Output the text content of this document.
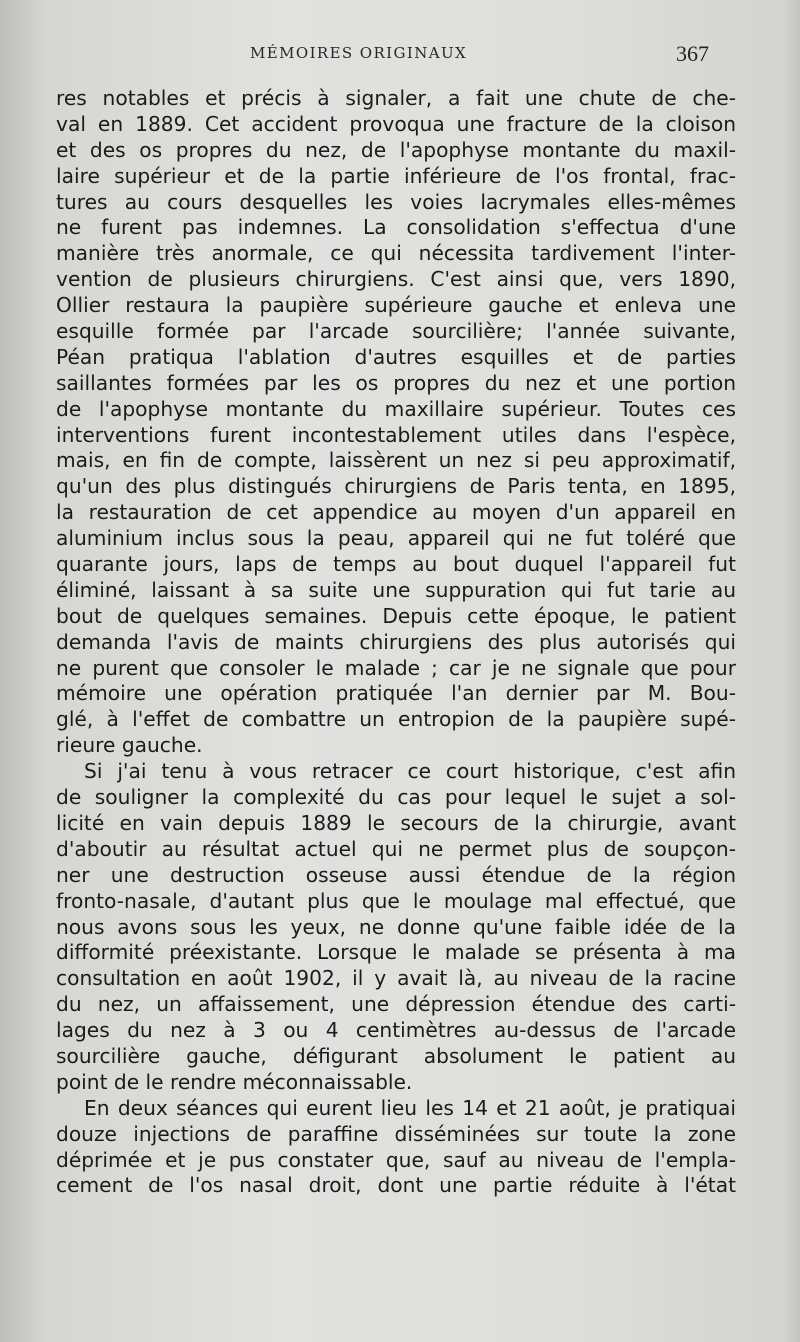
MÉMOIRES ORIGINAUX	367
res notables et précis à signaler, a fait une chute de che-
val en 1889. Cet accident provoqua une fracture de la cloison
et des os propres du nez, de l'apophyse montante du maxil-
laire supérieur et de la partie inférieure de l'os frontal, frac-
tures au cours desquelles les voies lacrymales elles-mêmes
ne furent pas indemnes. La consolidation s'effectua d'une
manière très anormale, ce qui nécessita tardivement l'inter-
vention de plusieurs chirurgiens. C'est ainsi que, vers 1890,
Ollier restaura la paupière supérieure gauche et enleva une
esquille formée par l'arcade sourcilière; l'année suivante,
Péan pratiqua l'ablation d'autres esquilles et de parties
saillantes formées par les os propres du nez et une portion
de l'apophyse montante du maxillaire supérieur. Toutes ces
interventions furent incontestablement utiles dans l'espèce,
mais, en fin de compte, laissèrent un nez si peu approximatif,
qu'un des plus distingués chirurgiens de Paris tenta, en 1895,
la restauration de cet appendice au moyen d'un appareil en
aluminium inclus sous la peau, appareil qui ne fut toléré que
quarante jours, laps de temps au bout duquel l'appareil fut
éliminé, laissant à sa suite une suppuration qui fut tarie au
bout de quelques semaines. Depuis cette époque, le patient
demanda l'avis de maints chirurgiens des plus autorisés qui
ne purent que consoler le malade ; car je ne signale que pour
mémoire une opération pratiquée l'an dernier par M. Bou-
glé, à l'effet de combattre un entropion de la paupière supé-
rieure gauche.
Si j'ai tenu à vous retracer ce court historique, c'est afin
de souligner la complexité du cas pour lequel le sujet a sol-
licité en vain depuis 1889 le secours de la chirurgie, avant
d'aboutir au résultat actuel qui ne permet plus de soupçon-
ner une destruction osseuse aussi étendue de la région
fronto-nasale, d'autant plus que le moulage mal effectué, que
nous avons sous les yeux, ne donne qu'une faible idée de la
difformité préexistante. Lorsque le malade se présenta à ma
consultation en août 1902, il y avait là, au niveau de la racine
du nez, un affaissement, une dépression étendue des carti-
lages du nez à 3 ou 4 centimètres au-dessus de l'arcade
sourcilière gauche, défigurant absolument le patient au
point de le rendre méconnaissable.
En deux séances qui eurent lieu les 14 et 21 août, je pratiquai
douze injections de paraffine disséminées sur toute la zone
déprimée et je pus constater que, sauf au niveau de l'empla-
cement de l'os nasal droit, dont une partie réduite à l'état
